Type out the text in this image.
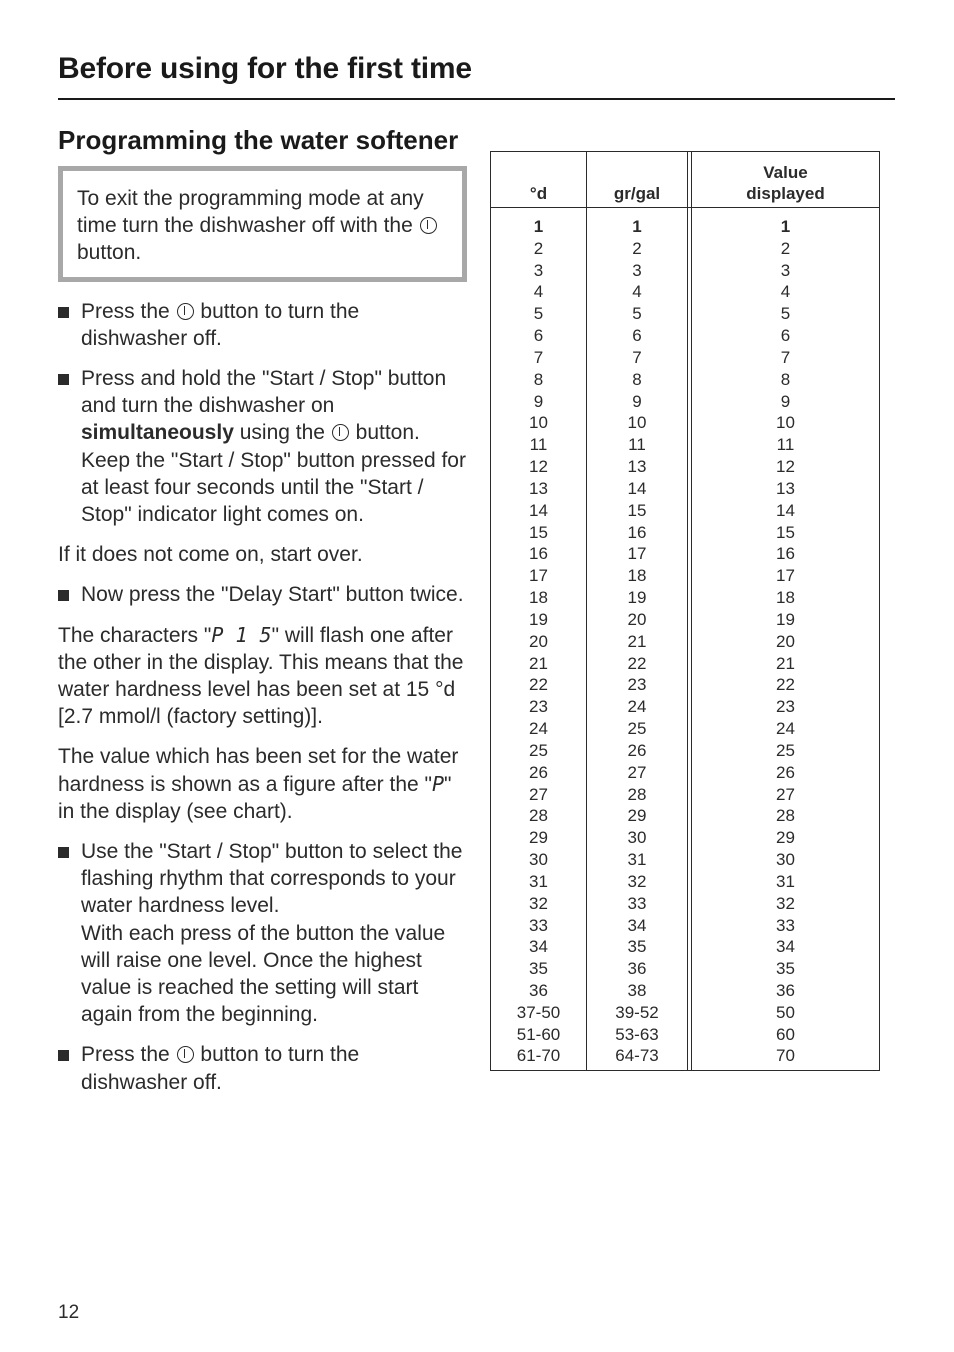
Before using for the first time
Programming the water softener
To exit the programming mode at any time turn the dishwasher off with the  button.
Press the button to turn the dishwasher off.
Press and hold the "Start / Stop" button and turn the dishwasher on simultaneously using the button. Keep the "Start / Stop" button pressed for at least four seconds until the "Start / Stop" indicator light comes on.
If it does not come on, start over.
Now press the "Delay Start" button twice.
The characters "P 1 5" will flash one after the other in the display. This means that the water hardness level has been set at 15 °d [2.7 mmol/l (factory setting)].
The value which has been set for the water hardness is shown as a figure after the "P" in the display (see chart).
Use the "Start / Stop" button to select the flashing rhythm that corresponds to your water hardness level.
With each press of the button the value will raise one level. Once the highest value is reached the setting will start again from the beginning.
Press the button to turn the dishwasher off.
°d	gr/gal
Value
displayed
1
2
3
4
5
6
7
8
9
10
11
12
13
14
15
16
17
18
19
20
21
22
23
24
25
26
27
28
29
30
31
32
33
34
35
36
37-50
51-60
61-70
1
2
3
4
5
6
7
8
9
10
11
13
14
15
16
17
18
19
20
21
22
23
24
25
26
27
28
29
30
31
32
33
34
35
36
38
39-52
53-63
64-73
1
2
3
4
5
6
7
8
9
10
11
12
13
14
15
16
17
18
19
20
21
22
23
24
25
26
27
28
29
30
31
32
33
34
35
36
50
60
70
12
